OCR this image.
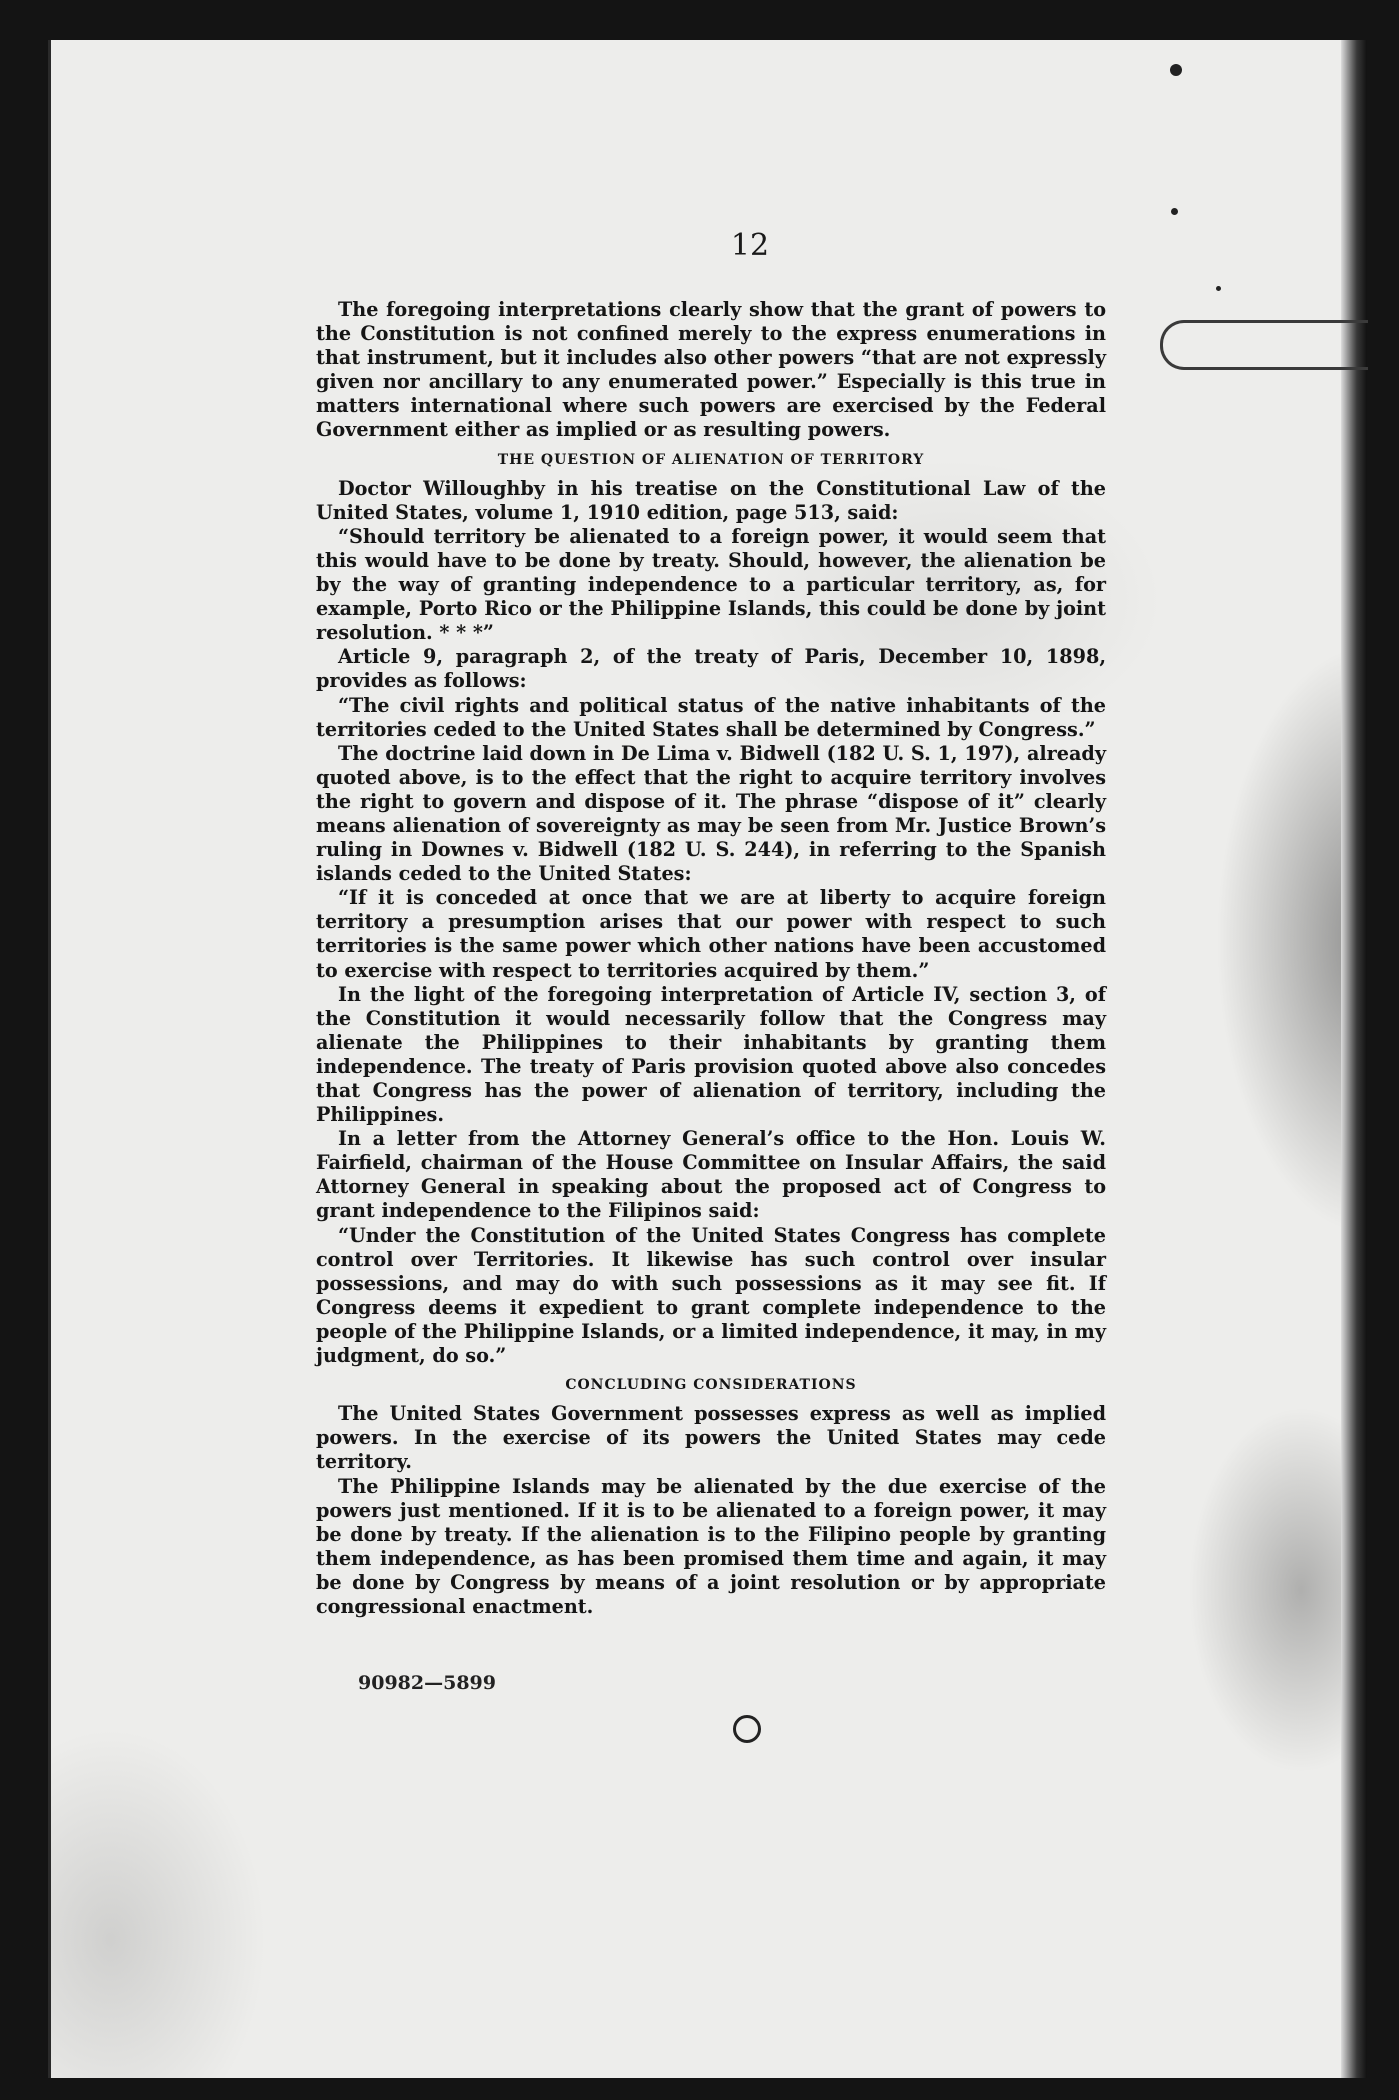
12

The foregoing interpretations clearly show that the grant of powers to the Constitution is not confined merely to the express enumerations in that instrument, but it includes also other powers “that are not expressly given nor ancillary to any enumerated power.” Especially is this true in matters international where such powers are exercised by the Federal Government either as implied or as resulting powers.

THE QUESTION OF ALIENATION OF TERRITORY

Doctor Willoughby in his treatise on the Constitutional Law of the United States, volume 1, 1910 edition, page 513, said:

“Should territory be alienated to a foreign power, it would seem that this would have to be done by treaty. Should, however, the alienation be by the way of granting independence to a particular territory, as, for example, Porto Rico or the Philippine Islands, this could be done by joint resolution. * * *”

Article 9, paragraph 2, of the treaty of Paris, December 10, 1898, provides as follows:

“The civil rights and political status of the native inhabitants of the territories ceded to the United States shall be determined by Congress.”

The doctrine laid down in De Lima v. Bidwell (182 U. S. 1, 197), already quoted above, is to the effect that the right to acquire territory involves the right to govern and dispose of it. The phrase “dispose of it” clearly means alienation of sovereignty as may be seen from Mr. Justice Brown’s ruling in Downes v. Bidwell (182 U. S. 244), in referring to the Spanish islands ceded to the United States:

“If it is conceded at once that we are at liberty to acquire foreign territory a presumption arises that our power with respect to such territories is the same power which other nations have been accustomed to exercise with respect to territories acquired by them.”

In the light of the foregoing interpretation of Article IV, section 3, of the Constitution it would necessarily follow that the Congress may alienate the Philippines to their inhabitants by granting them independence. The treaty of Paris provision quoted above also concedes that Congress has the power of alienation of territory, including the Philippines.

In a letter from the Attorney General’s office to the Hon. Louis W. Fairfield, chairman of the House Committee on Insular Affairs, the said Attorney General in speaking about the proposed act of Congress to grant independence to the Filipinos said:

“Under the Constitution of the United States Congress has complete control over Territories. It likewise has such control over insular possessions, and may do with such possessions as it may see fit. If Congress deems it expedient to grant complete independence to the people of the Philippine Islands, or a limited independence, it may, in my judgment, do so.”

CONCLUDING CONSIDERATIONS

The United States Government possesses express as well as implied powers. In the exercise of its powers the United States may cede territory.

The Philippine Islands may be alienated by the due exercise of the powers just mentioned. If it is to be alienated to a foreign power, it may be done by treaty. If the alienation is to the Filipino people by granting them independence, as has been promised them time and again, it may be done by Congress by means of a joint resolution or by appropriate congressional enactment.

90982—5899
